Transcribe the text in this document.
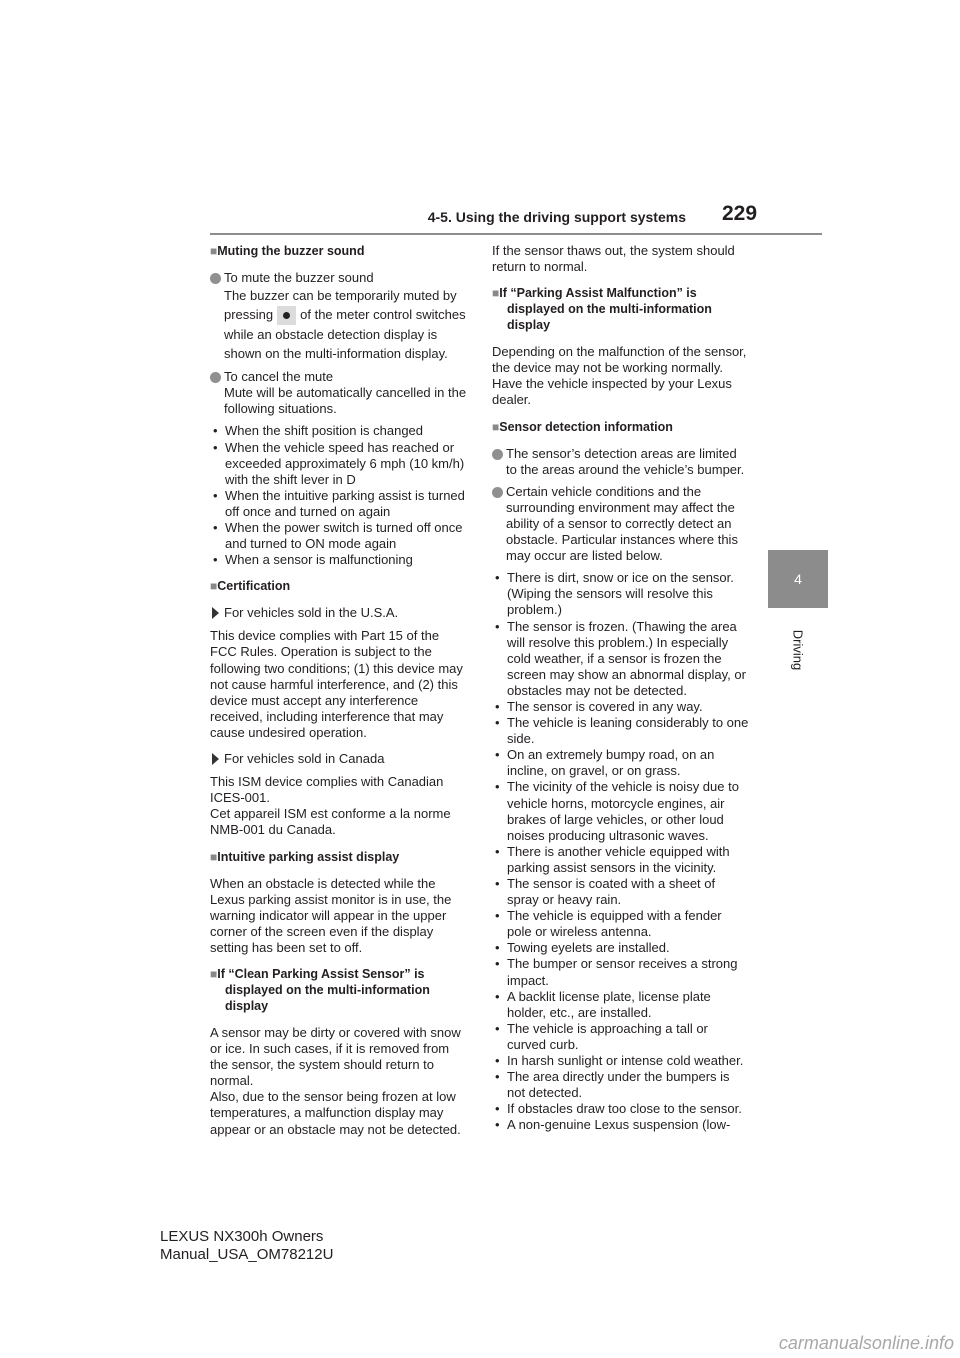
4-5. Using the driving support systems 229
4
Driving

■Muting the buzzer sound

To mute the buzzer sound
The buzzer can be temporarily muted by pressing of the meter control switches while an obstacle detection display is shown on the multi-information display.
To cancel the mute
Mute will be automatically cancelled in the following situations.

• When the shift position is changed

• When the vehicle speed has reached or exceeded approximately 6 mph (10 km/h) with the shift lever in D

• When the intuitive parking assist is turned off once and turned on again

• When the power switch is turned off once and turned to ON mode again

• When a sensor is malfunctioning

■Certification

For vehicles sold in the U.S.A.

This device complies with Part 15 of the FCC Rules. Operation is subject to the following two conditions; (1) this device may not cause harmful interference, and (2) this device must accept any interference received, including interference that may cause undesired operation.

For vehicles sold in Canada

This ISM device complies with Canadian ICES-001.

Cet appareil ISM est conforme a la norme NMB-001 du Canada.

■Intuitive parking assist display

When an obstacle is detected while the Lexus parking assist monitor is in use, the warning indicator will appear in the upper corner of the screen even if the display setting has been set to off.

■If “Clean Parking Assist Sensor” is displayed on the multi-information display

A sensor may be dirty or covered with snow or ice. In such cases, if it is removed from the sensor, the system should return to normal.

Also, due to the sensor being frozen at low temperatures, a malfunction display may appear or an obstacle may not be detected.

If the sensor thaws out, the system should return to normal.

■If “Parking Assist Malfunction” is displayed on the multi-information display

Depending on the malfunction of the sensor, the device may not be working normally. Have the vehicle inspected by your Lexus dealer.

■Sensor detection information

The sensor’s detection areas are limited to the areas around the vehicle’s bumper.
Certain vehicle conditions and the surrounding environment may affect the ability of a sensor to correctly detect an obstacle. Particular instances where this may occur are listed below.

• There is dirt, snow or ice on the sensor. (Wiping the sensors will resolve this problem.)

• The sensor is frozen. (Thawing the area will resolve this problem.) In especially cold weather, if a sensor is frozen the screen may show an abnormal display, or obstacles may not be detected.

• The sensor is covered in any way.

• The vehicle is leaning considerably to one side.

• On an extremely bumpy road, on an incline, on gravel, or on grass.

• The vicinity of the vehicle is noisy due to vehicle horns, motorcycle engines, air brakes of large vehicles, or other loud noises producing ultrasonic waves.

• There is another vehicle equipped with parking assist sensors in the vicinity.

• The sensor is coated with a sheet of spray or heavy rain.

• The vehicle is equipped with a fender pole or wireless antenna.

• Towing eyelets are installed.

• The bumper or sensor receives a strong impact.

• A backlit license plate, license plate holder, etc., are installed.

• The vehicle is approaching a tall or curved curb.

• In harsh sunlight or intense cold weather.

• The area directly under the bumpers is not detected.

• If obstacles draw too close to the sensor.

• A non-genuine Lexus suspension (low-

LEXUS NX300h Owners Manual_USA_OM78212U
carmanualsonline.info
